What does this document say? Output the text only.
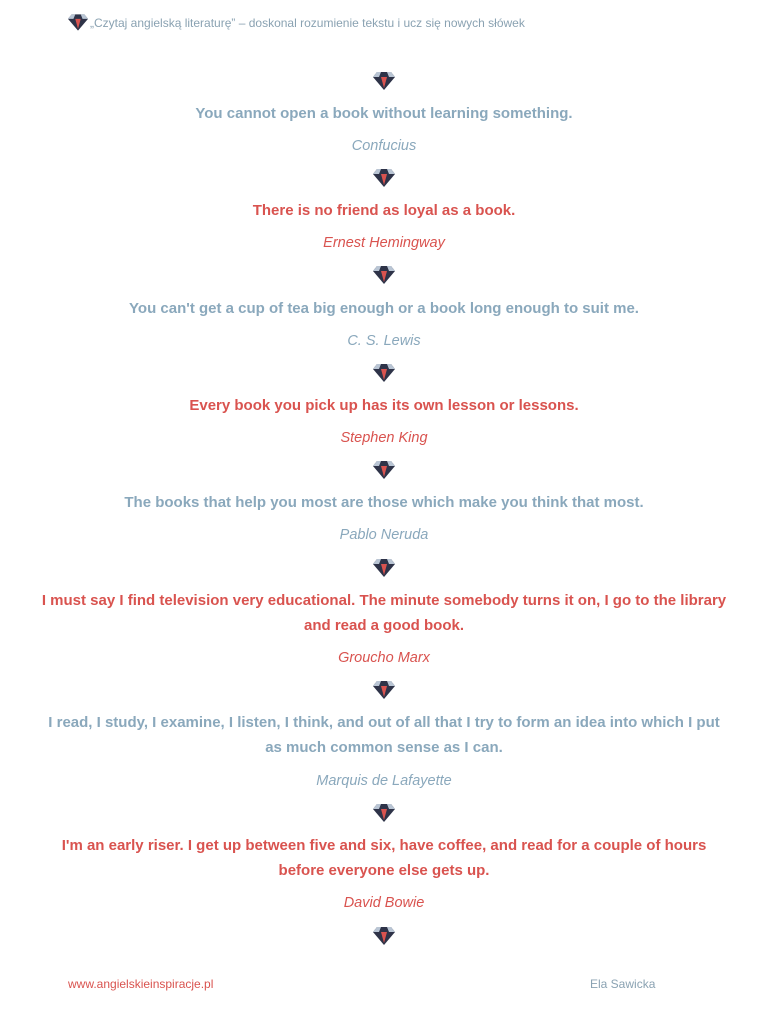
„Czytaj angielską literaturę” – doskonal rozumienie tekstu i ucz się nowych słówek

You cannot open a book without learning something.

Confucius

There is no friend as loyal as a book.

Ernest Hemingway

You can't get a cup of tea big enough or a book long enough to suit me.

C. S. Lewis

Every book you pick up has its own lesson or lessons.

Stephen King

The books that help you most are those which make you think that most.

Pablo Neruda

I must say I find television very educational. The minute somebody turns it on, I go to the library and read a good book.

Groucho Marx

I read, I study, I examine, I listen, I think, and out of all that I try to form an idea into which I put as much common sense as I can.

Marquis de Lafayette

I'm an early riser. I get up between five and six, have coffee, and read for a couple of hours before everyone else gets up.

David Bowie

www.angielskieinspiracje.pl	Ela Sawicka
